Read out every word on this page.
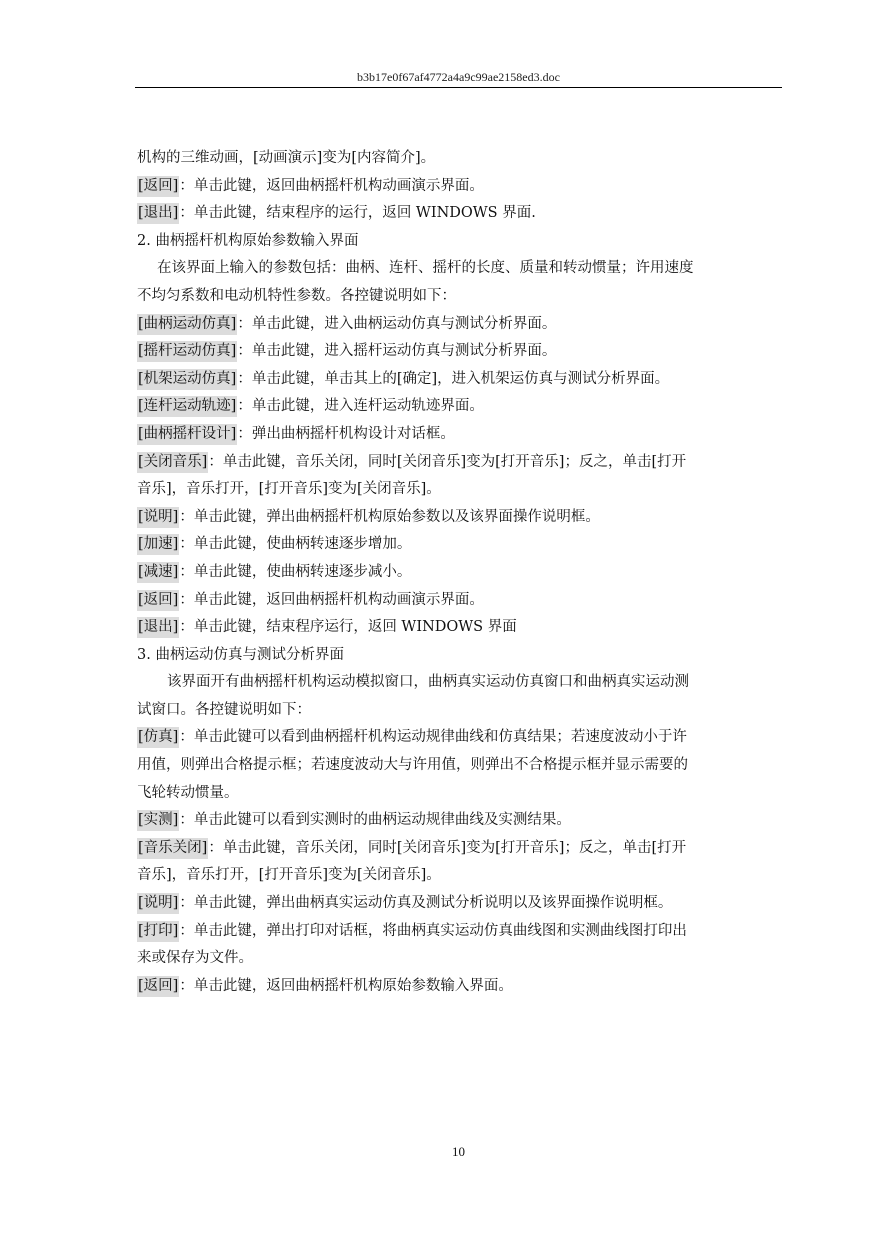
b3b17e0f67af4772a4a9c99ae2158ed3.doc
机构的三维动画，[动画演示]变为[内容简介]。
[返回]：单击此键，返回曲柄摇杆机构动画演示界面。
[退出]：单击此键，结束程序的运行，返回 WINDOWS 界面.
2. 曲柄摇杆机构原始参数输入界面
在该界面上输入的参数包括：曲柄、连杆、摇杆的长度、质量和转动惯量；许用速度
不均匀系数和电动机特性参数。各控键说明如下：
[曲柄运动仿真]：单击此键，进入曲柄运动仿真与测试分析界面。
[摇杆运动仿真]：单击此键，进入摇杆运动仿真与测试分析界面。
[机架运动仿真]：单击此键，单击其上的[确定]，进入机架运仿真与测试分析界面。
[连杆运动轨迹]：单击此键，进入连杆运动轨迹界面。
[曲柄摇杆设计]：弹出曲柄摇杆机构设计对话框。
[关闭音乐]：单击此键，音乐关闭，同时[关闭音乐]变为[打开音乐]；反之，单击[打开
音乐]，音乐打开，[打开音乐]变为[关闭音乐]。
[说明]：单击此键，弹出曲柄摇杆机构原始参数以及该界面操作说明框。
[加速]：单击此键，使曲柄转速逐步增加。
[减速]：单击此键，使曲柄转速逐步减小。
[返回]：单击此键，返回曲柄摇杆机构动画演示界面。
[退出]：单击此键，结束程序运行，返回 WINDOWS 界面
3. 曲柄运动仿真与测试分析界面
该界面开有曲柄摇杆机构运动模拟窗口，曲柄真实运动仿真窗口和曲柄真实运动测
试窗口。各控键说明如下：
[仿真]：单击此键可以看到曲柄摇杆机构运动规律曲线和仿真结果；若速度波动小于许
用值，则弹出合格提示框；若速度波动大与许用值，则弹出不合格提示框并显示需要的
飞轮转动惯量。
[实测]：单击此键可以看到实测时的曲柄运动规律曲线及实测结果。
[音乐关闭]：单击此键，音乐关闭，同时[关闭音乐]变为[打开音乐]；反之，单击[打开
音乐]，音乐打开，[打开音乐]变为[关闭音乐]。
[说明]：单击此键，弹出曲柄真实运动仿真及测试分析说明以及该界面操作说明框。
[打印]：单击此键，弹出打印对话框，将曲柄真实运动仿真曲线图和实测曲线图打印出
来或保存为文件。
[返回]：单击此键，返回曲柄摇杆机构原始参数输入界面。
10
